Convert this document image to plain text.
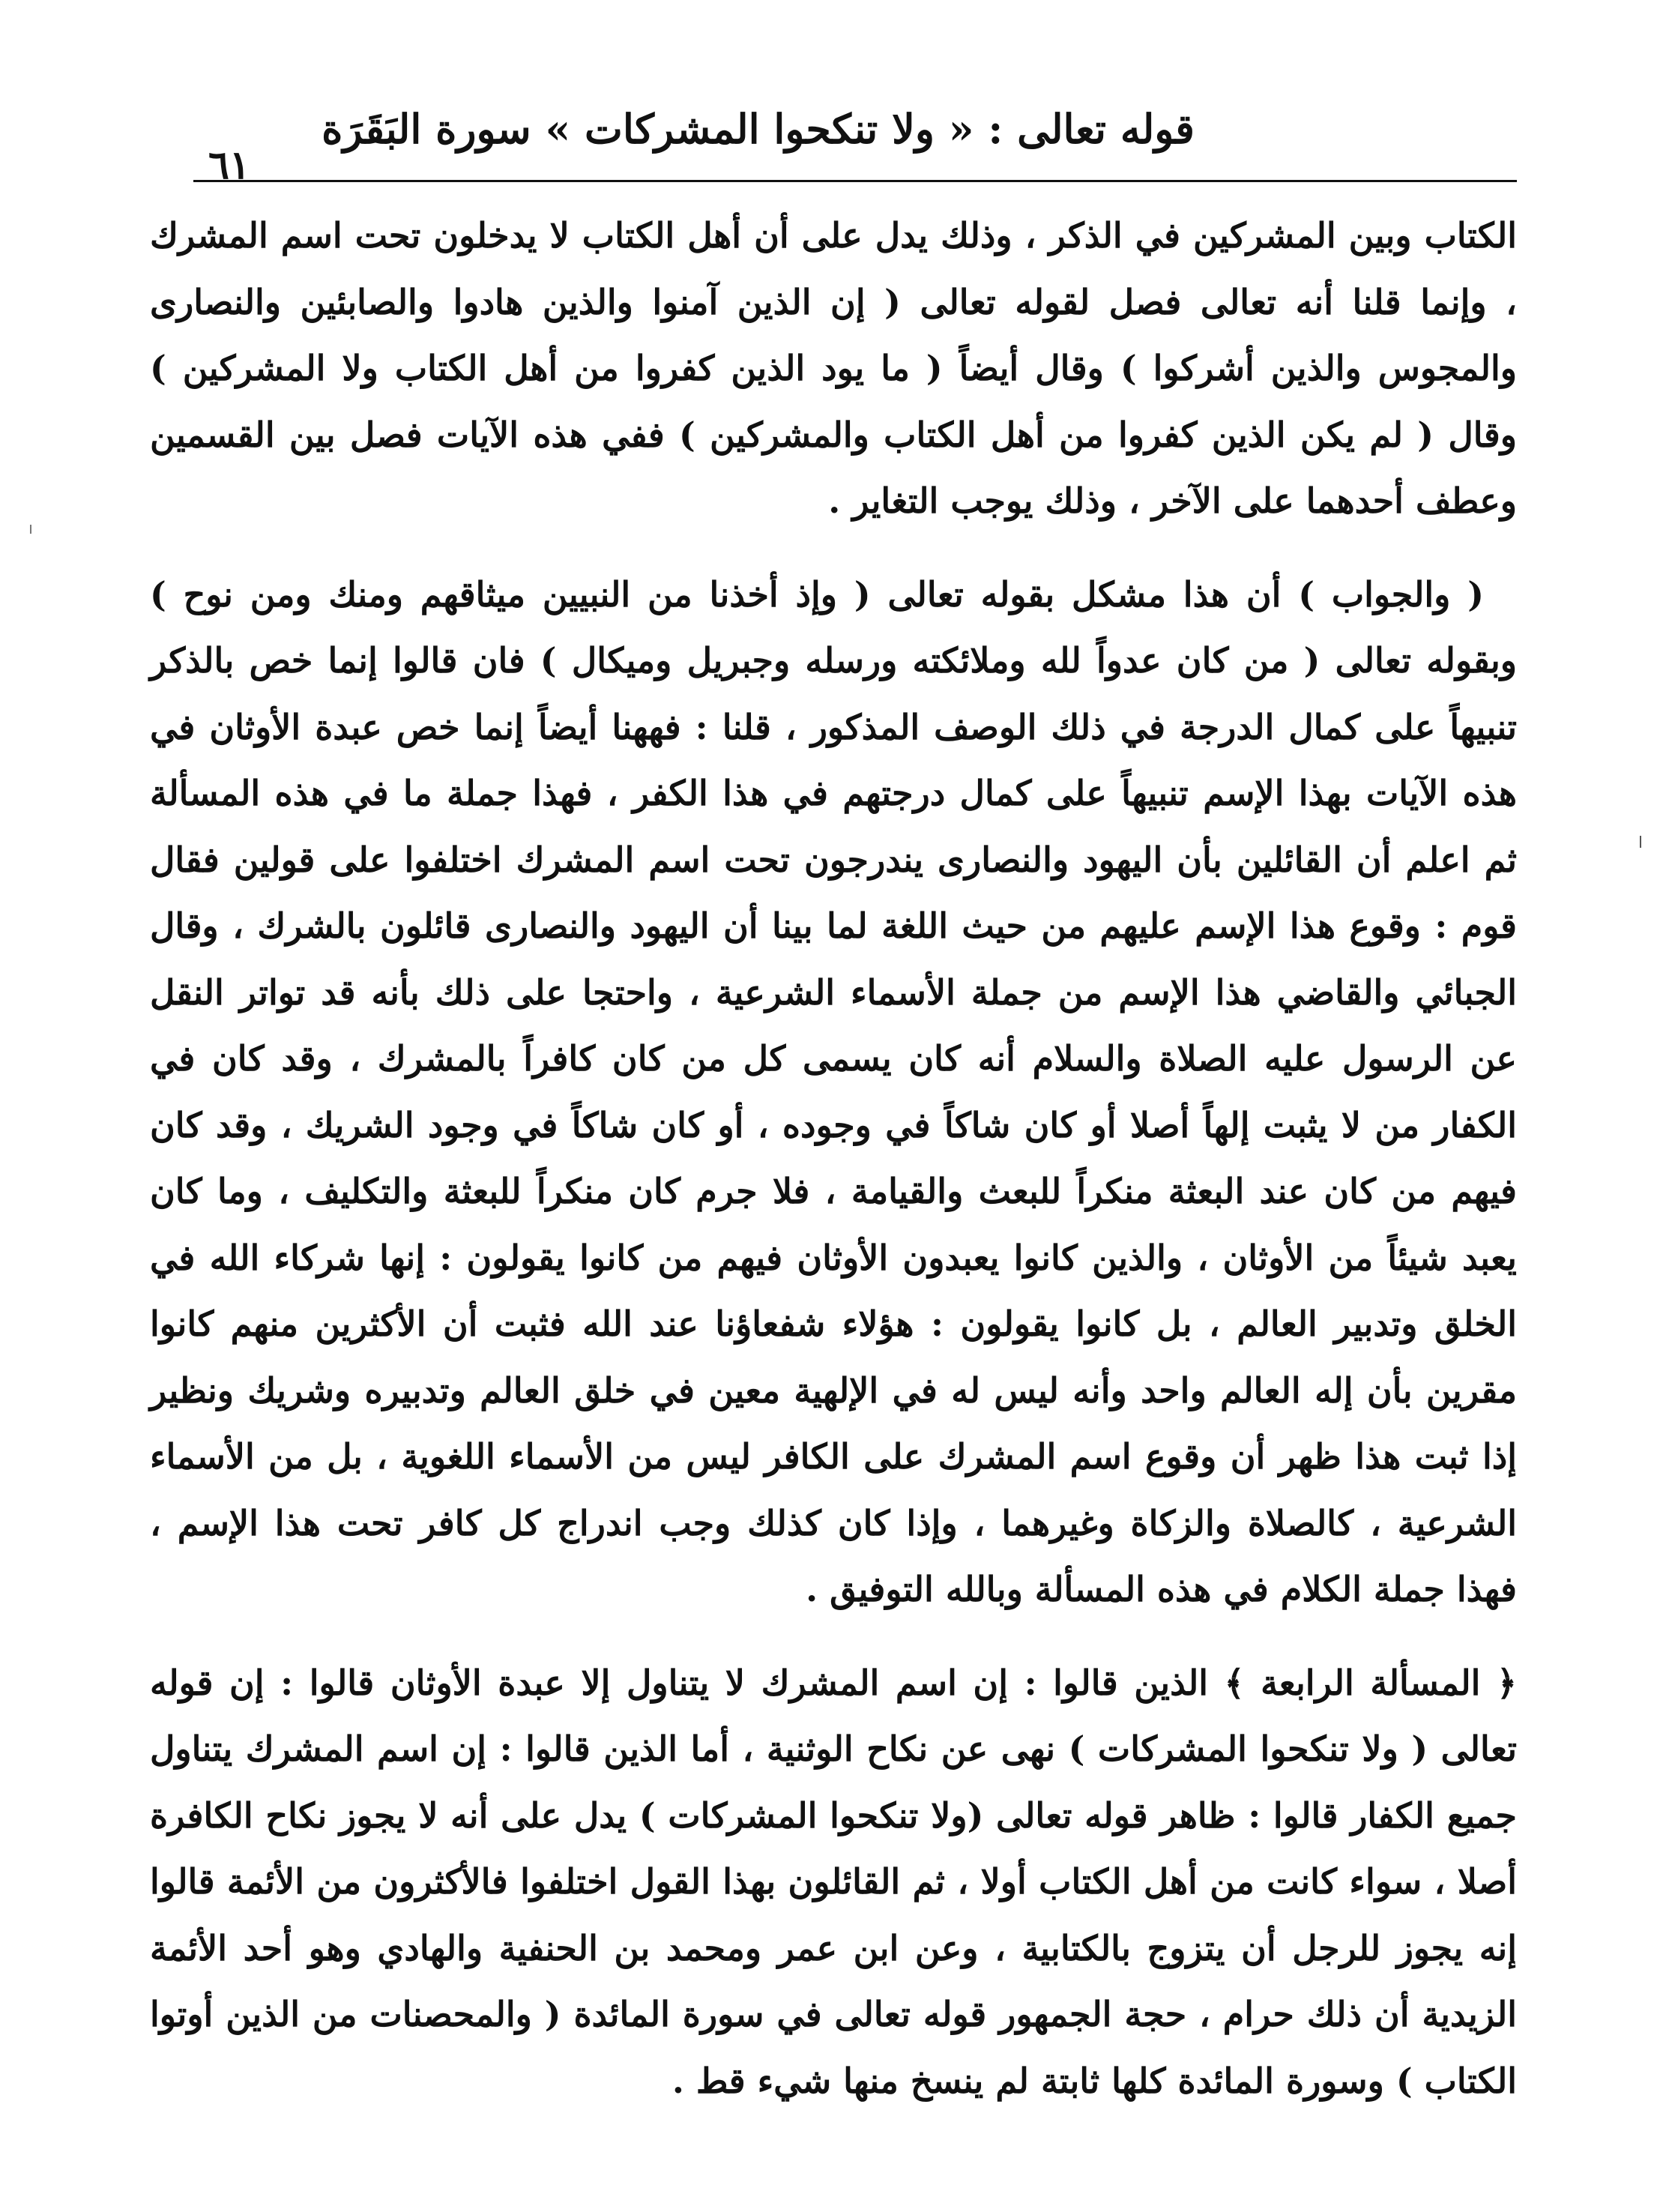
قوله تعالى : « ولا تنكحوا المشركات » سورة البَقَرَة
٦١

الكتاب وبين المشركين في الذكر ، وذلك يدل على أن أهل الكتاب لا يدخلون تحت اسم المشرك ، وإنما قلنا أنه تعالى فصل لقوله تعالى ( إن الذين آمنوا والذين هادوا والصابئين والنصارى والمجوس والذين أشركوا ) وقال أيضاً ( ما يود الذين كفروا من أهل الكتاب ولا المشركين ) وقال ( لم يكن الذين كفروا من أهل الكتاب والمشركين ) ففي هذه الآيات فصل بين القسمين وعطف أحدهما على الآخر ، وذلك يوجب التغاير .

( والجواب ) أن هذا مشكل بقوله تعالى ( وإذ أخذنا من النبيين ميثاقهم ومنك ومن نوح ) وبقوله تعالى ( من كان عدواً لله وملائكته ورسله وجبريل وميكال ) فان قالوا إنما خص بالذكر تنبيهاً على كمال الدرجة في ذلك الوصف المذكور ، قلنا : فههنا أيضاً إنما خص عبدة الأوثان في هذه الآيات بهذا الإسم تنبيهاً على كمال درجتهم في هذا الكفر ، فهذا جملة ما في هذه المسألة ثم اعلم أن القائلين بأن اليهود والنصارى يندرجون تحت اسم المشرك اختلفوا على قولين فقال قوم : وقوع هذا الإسم عليهم من حيث اللغة لما بينا أن اليهود والنصارى قائلون بالشرك ، وقال الجبائي والقاضي هذا الإسم من جملة الأسماء الشرعية ، واحتجا على ذلك بأنه قد تواتر النقل عن الرسول عليه الصلاة والسلام أنه كان يسمى كل من كان كافراً بالمشرك ، وقد كان في الكفار من لا يثبت إلهاً أصلا أو كان شاكاً في وجوده ، أو كان شاكاً في وجود الشريك ، وقد كان فيهم من كان عند البعثة منكراً للبعث والقيامة ، فلا جرم كان منكراً للبعثة والتكليف ، وما كان يعبد شيئاً من الأوثان ، والذين كانوا يعبدون الأوثان فيهم من كانوا يقولون : إنها شركاء الله في الخلق وتدبير العالم ، بل كانوا يقولون : هؤلاء شفعاؤنا عند الله فثبت أن الأكثرين منهم كانوا مقرين بأن إله العالم واحد وأنه ليس له في الإلهية معين في خلق العالم وتدبيره وشريك ونظير إذا ثبت هذا ظهر أن وقوع اسم المشرك على الكافر ليس من الأسماء اللغوية ، بل من الأسماء الشرعية ، كالصلاة والزكاة وغيرهما ، وإذا كان كذلك وجب اندراج كل كافر تحت هذا الإسم ، فهذا جملة الكلام في هذه المسألة وبالله التوفيق .

﴿ المسألة الرابعة ﴾ الذين قالوا : إن اسم المشرك لا يتناول إلا عبدة الأوثان قالوا : إن قوله تعالى ( ولا تنكحوا المشركات ) نهى عن نكاح الوثنية ، أما الذين قالوا : إن اسم المشرك يتناول جميع الكفار قالوا : ظاهر قوله تعالى (ولا تنكحوا المشركات ) يدل على أنه لا يجوز نكاح الكافرة أصلا ، سواء كانت من أهل الكتاب أولا ، ثم القائلون بهذا القول اختلفوا فالأكثرون من الأئمة قالوا إنه يجوز للرجل أن يتزوج بالكتابية ، وعن ابن عمر ومحمد بن الحنفية والهادي وهو أحد الأئمة الزيدية أن ذلك حرام ، حجة الجمهور قوله تعالى في سورة المائدة ( والمحصنات من الذين أوتوا الكتاب ) وسورة المائدة كلها ثابتة لم ينسخ منها شيء قط .
